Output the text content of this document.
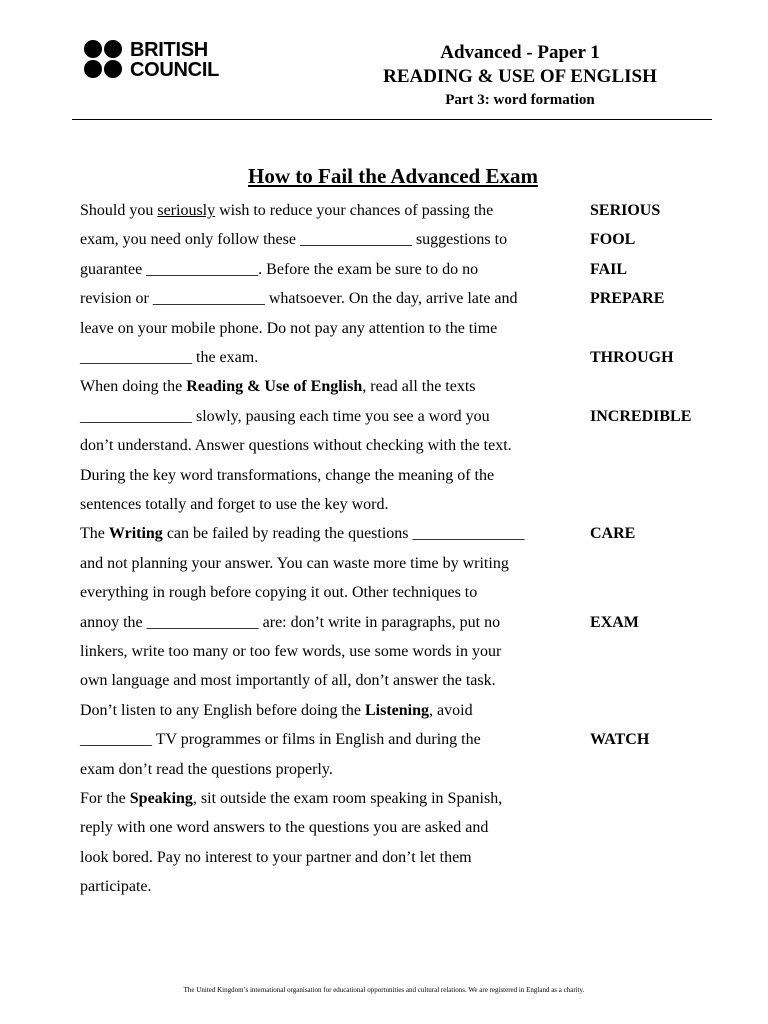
BRITISH
COUNCIL
Advanced - Paper 1
READING & USE OF ENGLISH
Part 3: word formation
How to Fail the Advanced Exam
Should you seriously wish to reduce your chances of passing the
exam, you need only follow these ______________ suggestions to
guarantee ______________. Before the exam be sure to do no
revision or ______________ whatsoever. On the day, arrive late and
leave on your mobile phone. Do not pay any attention to the time
______________ the exam.
When doing the Reading & Use of English, read all the texts
______________ slowly, pausing each time you see a word you
don’t understand. Answer questions without checking with the text.
During the key word transformations, change the meaning of the
sentences totally and forget to use the key word.
The Writing can be failed by reading the questions ______________
and not planning your answer. You can waste more time by writing
everything in rough before copying it out. Other techniques to
annoy the ______________ are: don’t write in paragraphs, put no
linkers, write too many or too few words, use some words in your
own language and most importantly of all, don’t answer the task.
Don’t listen to any English before doing the Listening, avoid
_________ TV programmes or films in English and during the
exam don’t read the questions properly.
For the Speaking, sit outside the exam room speaking in Spanish,
reply with one word answers to the questions you are asked and
look bored. Pay no interest to your partner and don’t let them
participate.
SERIOUS
FOOL
FAIL
PREPARE
THROUGH
INCREDIBLE
CARE
EXAM
WATCH
The United Kingdom’s international organisation for educational opportunities and cultural relations. We are registered in England as a charity.
